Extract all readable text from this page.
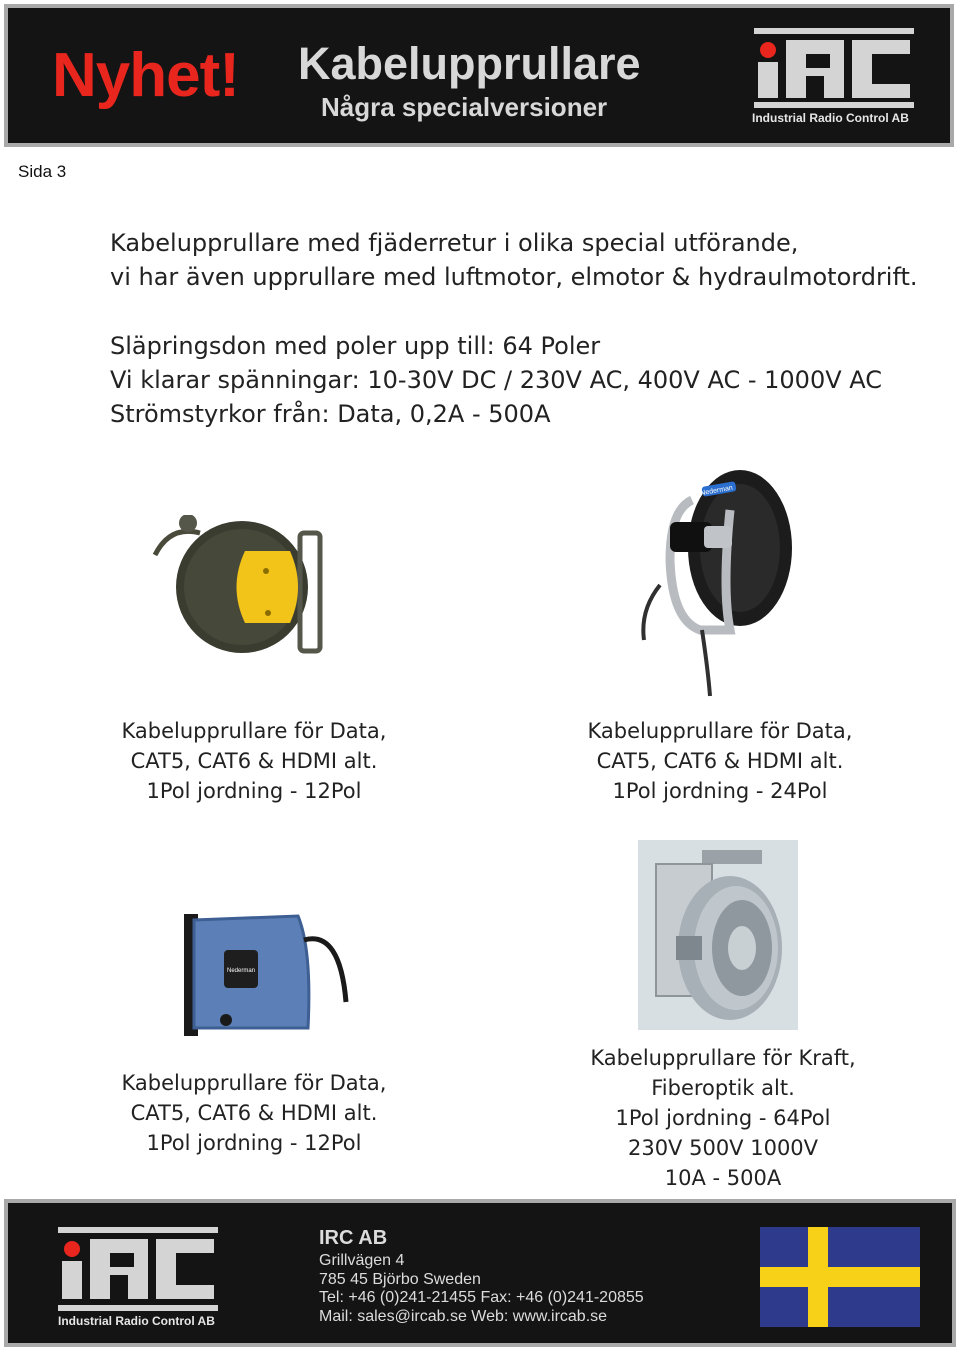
Nyhet! Kabelupprullare
Några specialversioner	Industrial Radio Control AB
Sida 3
Kabelupprullare med fjäderretur i olika special utförande,
vi har även upprullare med luftmotor, elmotor & hydraulmotordrift.
Släpringsdon med poler upp till: 64 Poler
Vi klarar spänningar: 10-30V DC / 230V AC, 400V AC - 1000V AC
Strömstyrkor från: Data, 0,2A - 500A
Kabelupprullare för Data,
CAT5, CAT6 & HDMI alt.
1Pol jordning - 12Pol
Nederman
Kabelupprullare för Data,
CAT5, CAT6 & HDMI alt.
1Pol jordning - 24Pol
Nederman
Kabelupprullare för Data,
CAT5, CAT6 & HDMI alt.
1Pol jordning - 12Pol
Kabelupprullare för Kraft,
Fiberoptik alt.
1Pol jordning - 64Pol
230V 500V 1000V
10A - 500A
Industrial Radio Control AB
IRC AB
Grillvägen 4
785 45 Björbo Sweden
Tel: +46 (0)241-21455 Fax: +46 (0)241-20855
Mail: sales@ircab.se Web: www.ircab.se
